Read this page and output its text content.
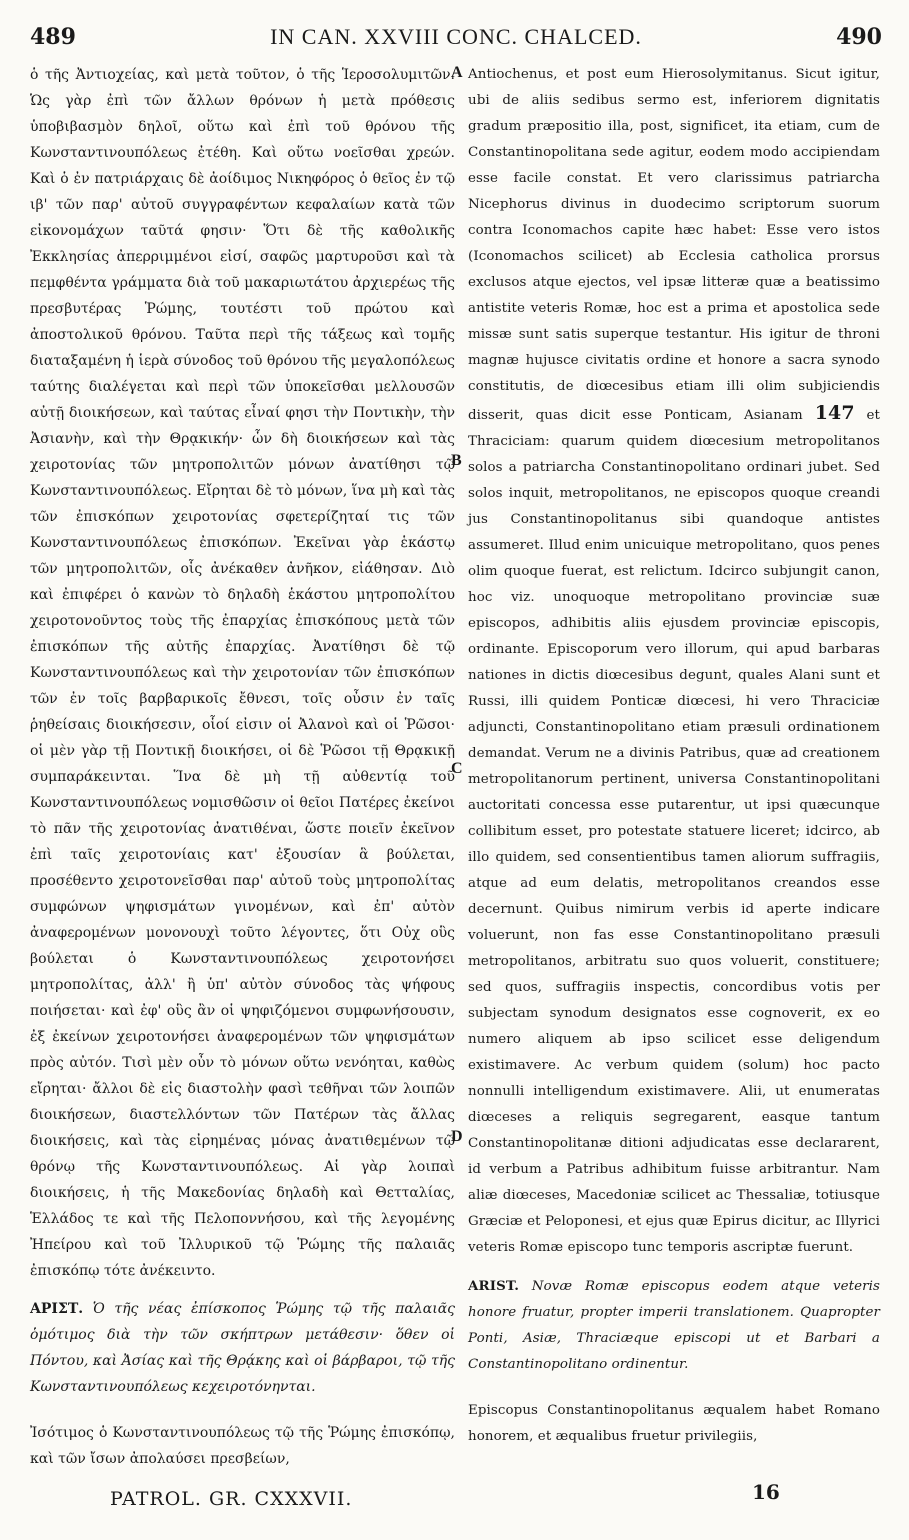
489	IN CAN. XXVIII CONC. CHALCED.	490

ὁ τῆς Ἀντιοχείας, καὶ μετὰ τοῦτον, ὁ τῆς Ἱεροσολυμιτῶν. Ὡς γὰρ ἐπὶ τῶν ἄλλων θρόνων ἡ μετὰ πρόθεσις ὑποβιβασμὸν δηλοῖ, οὕτω καὶ ἐπὶ τοῦ θρόνου τῆς Κωνσταντινουπόλεως ἐτέθη. Καὶ οὕτω νοεῖσθαι χρεών. Καὶ ὁ ἐν πατριάρχαις δὲ ἀοίδιμος Νικηφόρος ὁ θεῖος ἐν τῷ ιβ' τῶν παρ' αὐτοῦ συγγραφέντων κεφαλαίων κατὰ τῶν εἰκονομάχων ταῦτά φησιν· Ὅτι δὲ τῆς καθολικῆς Ἐκκλησίας ἀπερριμμένοι εἰσί, σαφῶς μαρτυροῦσι καὶ τὰ πεμφθέντα γράμματα διὰ τοῦ μακαριωτάτου ἀρχιερέως τῆς πρεσβυτέρας Ῥώμης, τουτέστι τοῦ πρώτου καὶ ἀποστολικοῦ θρόνου. Ταῦτα περὶ τῆς τάξεως καὶ τομῆς διαταξαμένη ἡ ἱερὰ σύνοδος τοῦ θρόνου τῆς μεγαλοπόλεως ταύτης διαλέγεται καὶ περὶ τῶν ὑποκεῖσθαι μελλουσῶν αὐτῇ διοικήσεων, καὶ ταύτας εἶναί φησι τὴν Ποντικὴν, τὴν Ἀσιανὴν, καὶ τὴν Θρᾳκικήν· ὧν δὴ διοικήσεων καὶ τὰς χειροτονίας τῶν μητροπολιτῶν μόνων ἀνατίθησι τῷ Κωνσταντινουπόλεως. Εἴρηται δὲ τὸ μόνων, ἵνα μὴ καὶ τὰς τῶν ἐπισκόπων χειροτονίας σφετερίζηταί τις τῶν Κωνσταντινουπόλεως ἐπισκόπων. Ἐκεῖναι γὰρ ἑκάστῳ τῶν μητροπολιτῶν, οἷς ἀνέκαθεν ἀνῆκον, εἰάθησαν. Διὸ καὶ ἐπιφέρει ὁ κανὼν τὸ δηλαδὴ ἑκάστου μητροπολίτου χειροτονοῦντος τοὺς τῆς ἐπαρχίας ἐπισκόπους μετὰ τῶν ἐπισκόπων τῆς αὐτῆς ἐπαρχίας. Ἀνατίθησι δὲ τῷ Κωνσταντινουπόλεως καὶ τὴν χειροτονίαν τῶν ἐπισκόπων τῶν ἐν τοῖς βαρβαρικοῖς ἔθνεσι, τοῖς οὖσιν ἐν ταῖς ῥηθείσαις διοικήσεσιν, οἷοί εἰσιν οἱ Ἀλανοὶ καὶ οἱ Ῥῶσοι· οἱ μὲν γὰρ τῇ Ποντικῇ διοικήσει, οἱ δὲ Ῥῶσοι τῇ Θρᾳκικῇ συμπαράκεινται. Ἵνα δὲ μὴ τῇ αὐθεντίᾳ τοῦ Κωνσταντινουπόλεως νομισθῶσιν οἱ θεῖοι Πατέρες ἐκείνοι τὸ πᾶν τῆς χειροτονίας ἀνατιθέναι, ὥστε ποιεῖν ἐκεῖνον ἐπὶ ταῖς χειροτονίαις κατ' ἐξουσίαν ἃ βούλεται, προσέθεντο χειροτονεῖσθαι παρ' αὐτοῦ τοὺς μητροπολίτας συμφώνων ψηφισμάτων γινομένων, καὶ ἐπ' αὐτὸν ἀναφερομένων μονονουχὶ τοῦτο λέγοντες, ὅτι Οὐχ οὓς βούλεται ὁ Κωνσταντινουπόλεως χειροτονήσει μητροπολίτας, ἀλλ' ἢ ὑπ' αὐτὸν σύνοδος τὰς ψήφους ποιήσεται· καὶ ἐφ' οὓς ἂν οἱ ψηφιζόμενοι συμφωνήσουσιν, ἐξ ἐκείνων χειροτονήσει ἀναφερομένων τῶν ψηφισμάτων πρὸς αὐτόν. Τισὶ μὲν οὖν τὸ μόνων οὕτω νενόηται, καθὼς εἴρηται· ἄλλοι δὲ εἰς διαστολὴν φασὶ τεθῆναι τῶν λοιπῶν διοικήσεων, διαστελλόντων τῶν Πατέρων τὰς ἄλλας διοικήσεις, καὶ τὰς εἰρημένας μόνας ἀνατιθεμένων τῷ θρόνῳ τῆς Κωνσταντινουπόλεως. Αἱ γὰρ λοιπαὶ διοικήσεις, ἡ τῆς Μακεδονίας δηλαδὴ καὶ Θετταλίας, Ἑλλάδος τε καὶ τῆς Πελοποννήσου, καὶ τῆς λεγομένης Ἠπείρου καὶ τοῦ Ἰλλυρικοῦ τῷ Ῥώμης τῆς παλαιᾶς ἐπισκόπῳ τότε ἀνέκειντο.

ΑΡΙΣΤ. Ὁ τῆς νέας ἐπίσκοπος Ῥώμης τῷ τῆς παλαιᾶς ὁμότιμος διὰ τὴν τῶν σκήπτρων μετάθεσιν· ὅθεν οἱ Πόντου, καὶ Ἀσίας καὶ τῆς Θρᾴκης καὶ οἱ βάρβαροι, τῷ τῆς Κωνσταντινουπόλεως κεχειροτόνηνται.

Ἰσότιμος ὁ Κωνσταντινουπόλεως τῷ τῆς Ῥώμης ἐπισκόπῳ, καὶ τῶν ἴσων ἀπολαύσει πρεσβείων,

A
B
C
D

Antiochenus, et post eum Hierosolymitanus. Sicut igitur, ubi de aliis sedibus sermo est, inferiorem dignitatis gradum præpositio illa, post, significet, ita etiam, cum de Constantinopolitana sede agitur, eodem modo accipiendam esse facile constat. Et vero clarissimus patriarcha Nicephorus divinus in duodecimo scriptorum suorum contra Iconomachos capite hæc habet: Esse vero istos (Iconomachos scilicet) ab Ecclesia catholica prorsus exclusos atque ejectos, vel ipsæ litteræ quæ a beatissimo antistite veteris Romæ, hoc est a prima et apostolica sede missæ sunt satis superque testantur. His igitur de throni magnæ hujusce civitatis ordine et honore a sacra synodo constitutis, de diœcesibus etiam illi olim subjiciendis disserit, quas dicit esse Ponticam, Asianam 147 et Thraciciam: quarum quidem diœcesium metropolitanos solos a patriarcha Constantinopolitano ordinari jubet. Sed solos inquit, metropolitanos, ne episcopos quoque creandi jus Constantinopolitanus sibi quandoque antistes assumeret. Illud enim unicuique metropolitano, quos penes olim quoque fuerat, est relictum. Idcirco subjungit canon, hoc viz. unoquoque metropolitano provinciæ suæ episcopos, adhibitis aliis ejusdem provinciæ episcopis, ordinante. Episcoporum vero illorum, qui apud barbaras nationes in dictis diœcesibus degunt, quales Alani sunt et Russi, illi quidem Ponticæ diœcesi, hi vero Thraciciæ adjuncti, Constantinopolitano etiam præsuli ordinationem demandat. Verum ne a divinis Patribus, quæ ad creationem metropolitanorum pertinent, universa Constantinopolitani auctoritati concessa esse putarentur, ut ipsi quæcunque collibitum esset, pro potestate statuere liceret; idcirco, ab illo quidem, sed consentientibus tamen aliorum suffragiis, atque ad eum delatis, metropolitanos creandos esse decernunt. Quibus nimirum verbis id aperte indicare voluerunt, non fas esse Constantinopolitano præsuli metropolitanos, arbitratu suo quos voluerit, constituere; sed quos, suffragiis inspectis, concordibus votis per subjectam synodum designatos esse cognoverit, ex eo numero aliquem ab ipso scilicet esse deligendum existimavere. Ac verbum quidem (solum) hoc pacto nonnulli intelligendum existimavere. Alii, ut enumeratas diœceses a reliquis segregarent, easque tantum Constantinopolitanæ ditioni adjudicatas esse declararent, id verbum a Patribus adhibitum fuisse arbitrantur. Nam aliæ diœceses, Macedoniæ scilicet ac Thessaliæ, totiusque Græciæ et Peloponesi, et ejus quæ Epirus dicitur, ac Illyrici veteris Romæ episcopo tunc temporis ascriptæ fuerunt.

ARIST. Novæ Romæ episcopus eodem atque veteris honore fruatur, propter imperii translationem. Quapropter Ponti, Asiæ, Thraciæque episcopi ut et Barbari a Constantinopolitano ordinentur.

Episcopus Constantinopolitanus æqualem habet Romano honorem, et æqualibus fruetur privilegiis,

PATROL. GR. CXXXVII.	16
